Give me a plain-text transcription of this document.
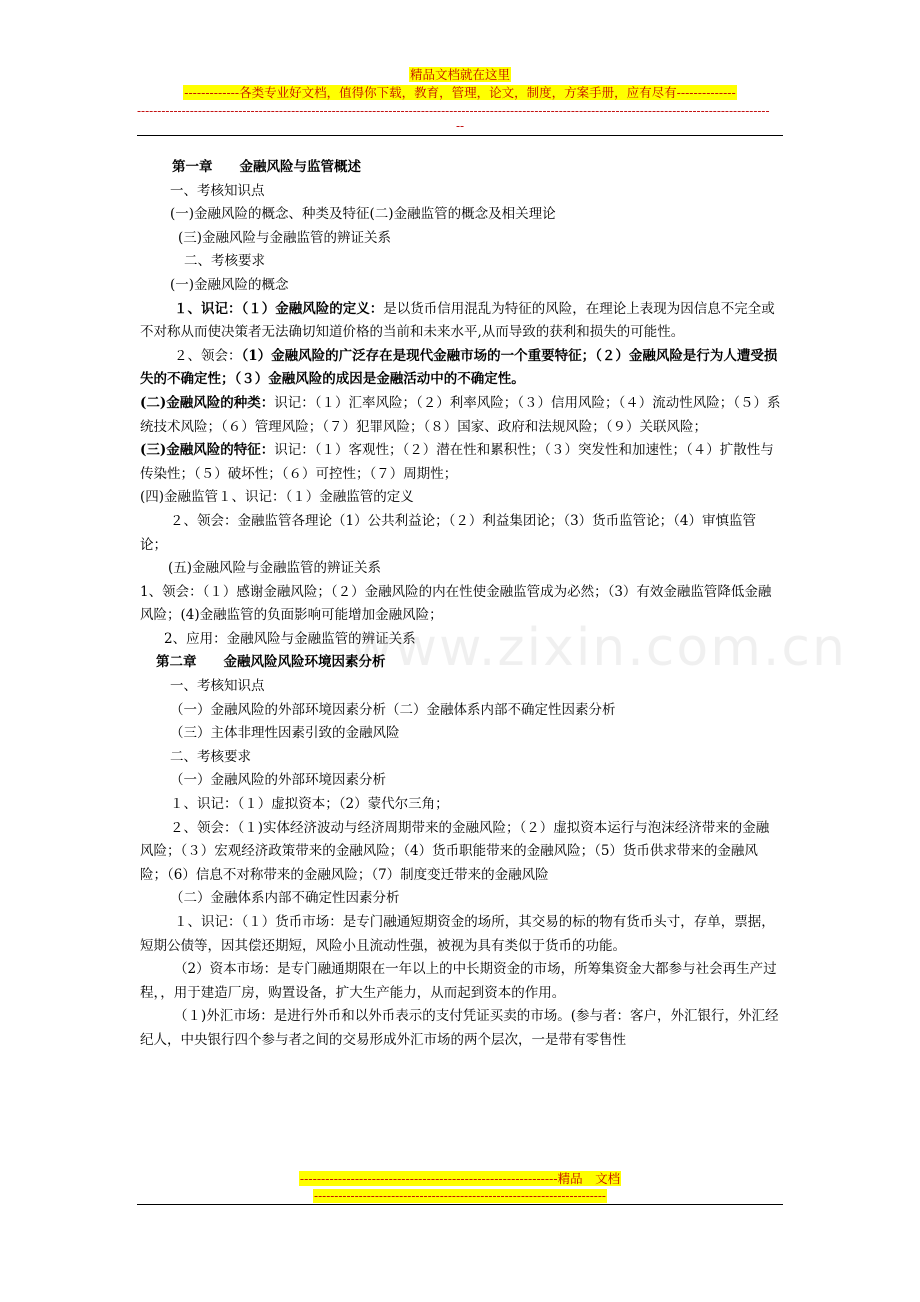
精品文档就在这里
-------------各类专业好文档，值得你下载，教育，管理，论文，制度，方案手册，应有尽有--------------
------------------------------------------------------------------------------------------------------------------------------------------------------------
--
www.zixin.com.cn

第一章　　金融风险与监管概述

一、考核知识点

(一)金融风险的概念、种类及特征(二)金融监管的概念及相关理论

(三)金融风险与金融监管的辨证关系

二、考核要求

(一)金融风险的概念

１、识记：（１）金融风险的定义：是以货币信用混乱为特征的风险，在理论上表现为因信息不完全或不对称从而使决策者无法确切知道价格的当前和未来水平,从而导致的获利和损失的可能性。

２、领会：（1）金融风险的广泛存在是现代金融市场的一个重要特征；（２）金融风险是行为人遭受损失的不确定性；（３）金融风险的成因是金融活动中的不确定性。

(二)金融风险的种类：识记：（１）汇率风险；（２）利率风险；（３）信用风险；（４）流动性风险；（５）系统技术风险；（６）管理风险；（７）犯罪风险；（８）国家、政府和法规风险；（９）关联风险；

(三)金融风险的特征：识记：（１）客观性；（２）潜在性和累积性；（３）突发性和加速性；（４）扩散性与传染性；（５）破坏性；（６）可控性；（７）周期性；

(四)金融监管１、识记：（１）金融监管的定义

２、领会：金融监管各理论（1）公共利益论；（２）利益集团论；（3）货币监管论；（4）审慎监管论；

(五)金融风险与金融监管的辨证关系

1、领会：（１）感谢金融风险；（２）金融风险的内在性使金融监管成为必然；（3）有效金融监管降低金融风险；(4)金融监管的负面影响可能增加金融风险；

2、应用：金融风险与金融监管的辨证关系

第二章　　金融风险风险环境因素分析

一、考核知识点

（一）金融风险的外部环境因素分析（二）金融体系内部不确定性因素分析

（三）主体非理性因素引致的金融风险

二、考核要求

（一）金融风险的外部环境因素分析

１、识记：（１）虚拟资本；（2）蒙代尔三角；

２、领会：（１)实体经济波动与经济周期带来的金融风险；（２）虚拟资本运行与泡沫经济带来的金融风险；（３）宏观经济政策带来的金融风险；（4）货币职能带来的金融风险；（5）货币供求带来的金融风险；（6）信息不对称带来的金融风险；（7）制度变迁带来的金融风险

（二）金融体系内部不确定性因素分析

１、识记：（１）货币市场：是专门融通短期资金的场所，其交易的标的物有货币头寸，存单，票据，短期公债等，因其偿还期短，风险小且流动性强，被视为具有类似于货币的功能。

（2）资本市场：是专门融通期限在一年以上的中长期资金的市场，所筹集资金大都参与社会再生产过程，，用于建造厂房，购置设备，扩大生产能力，从而起到资本的作用。

（１)外汇市场：是进行外币和以外币表示的支付凭证买卖的市场。(参与者：客户，外汇银行，外汇经纪人，中央银行四个参与者之间的交易形成外汇市场的两个层次，一是带有零售性

-------------------------------------------------------------精品　文档
------------------------------------------------------------------------
